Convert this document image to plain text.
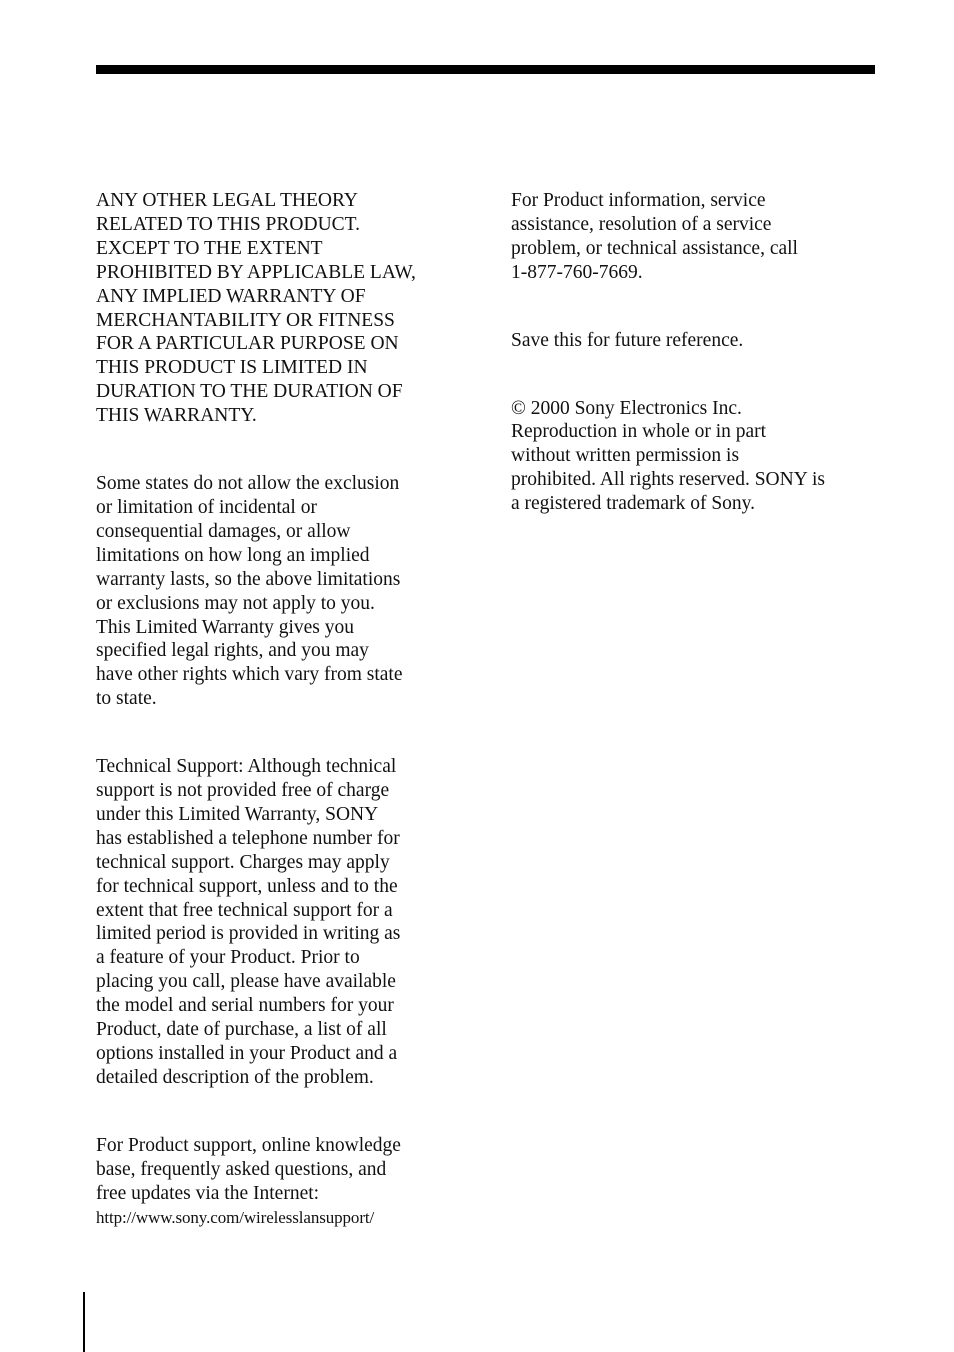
ANY OTHER LEGAL THEORY
RELATED TO THIS PRODUCT.
EXCEPT TO THE EXTENT
PROHIBITED BY APPLICABLE LAW,
ANY IMPLIED WARRANTY OF
MERCHANTABILITY OR FITNESS
FOR A PARTICULAR PURPOSE ON
THIS PRODUCT IS LIMITED IN
DURATION TO THE DURATION OF
THIS WARRANTY.

Some states do not allow the exclusion
or limitation of incidental or
consequential damages, or allow
limitations on how long an implied
warranty lasts, so the above limitations
or exclusions may not apply to you.
This Limited Warranty gives you
specified legal rights, and you may
have other rights which vary from state
to state.

Technical Support: Although technical
support is not provided free of charge
under this Limited Warranty, SONY
has established a telephone number for
technical support. Charges may apply
for technical support, unless and to the
extent that free technical support for a
limited period is provided in writing as
a feature of your Product. Prior to
placing you call, please have available
the model and serial numbers for your
Product, date of purchase, a list of all
options installed in your Product and a
detailed description of the problem.

For Product support, online knowledge
base, frequently asked questions, and
free updates via the Internet:

http://www.sony.com/wirelesslansupport/

For Product information, service
assistance, resolution of a service
problem, or technical assistance, call
1-877-760-7669.

Save this for future reference.

© 2000 Sony Electronics Inc.
Reproduction in whole or in part
without written permission is
prohibited. All rights reserved. SONY is
a registered trademark of Sony.
